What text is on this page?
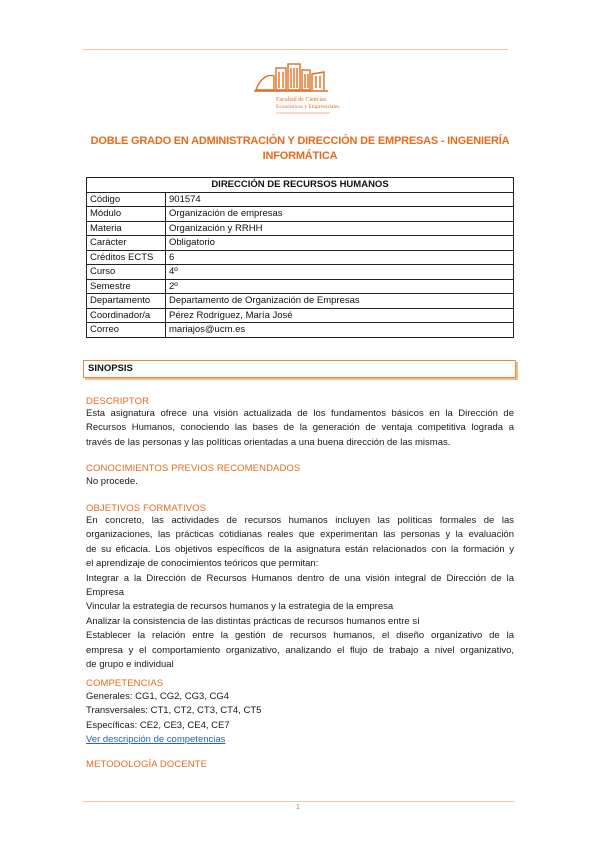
Facultad de Ciencias
Económicas y Empresariales
DOBLE GRADO EN ADMINISTRACIÓN Y DIRECCIÓN DE EMPRESAS - INGENIERÍA
INFORMÁTICA
DIRECCIÓN DE RECURSOS HUMANOS	
Código	901574
Módulo	Organización de empresas
Materia	Organización y RRHH
Carácter	Obligatorio
Créditos ECTS	6
Curso	4º
Semestre	2º
Departamento	Departamento de Organización de Empresas
Coordinador/a	Pérez Rodríguez, María José
Correo	mariajos@ucm.es
SINOPSIS
DESCRIPTOR
Esta asignatura ofrece una visión actualizada de los fundamentos básicos en la Dirección de
Recursos Humanos, conociendo las bases de la generación de ventaja competitiva lograda a
través de las personas y las políticas orientadas a una buena dirección de las mismas.
CONOCIMIENTOS PREVIOS RECOMENDADOS
No procede.
OBJETIVOS FORMATIVOS
En concreto, las actividades de recursos humanos incluyen las políticas formales de las
organizaciones, las prácticas cotidianas reales que experimentan las personas y la evaluación
de su eficacia. Los objetivos específicos de la asignatura están relacionados con la formación y
el aprendizaje de conocimientos teóricos que permitan:
Integrar a la Dirección de Recursos Humanos dentro de una visión integral de Dirección de la
Empresa
Vincular la estrategia de recursos humanos y la estrategia de la empresa
Analizar la consistencia de las distintas prácticas de recursos humanos entre sí
Establecer la relación entre la gestión de recursos humanos, el diseño organizativo de la
empresa y el comportamiento organizativo, analizando el flujo de trabajo a nivel organizativo,
de grupo e individual
COMPETENCIAS
Generales: CG1, CG2, CG3, CG4
Transversales: CT1, CT2, CT3, CT4, CT5
Específicas: CE2, CE3, CE4, CE7
Ver descripción de competencias
METODOLOGÍA DOCENTE
1
